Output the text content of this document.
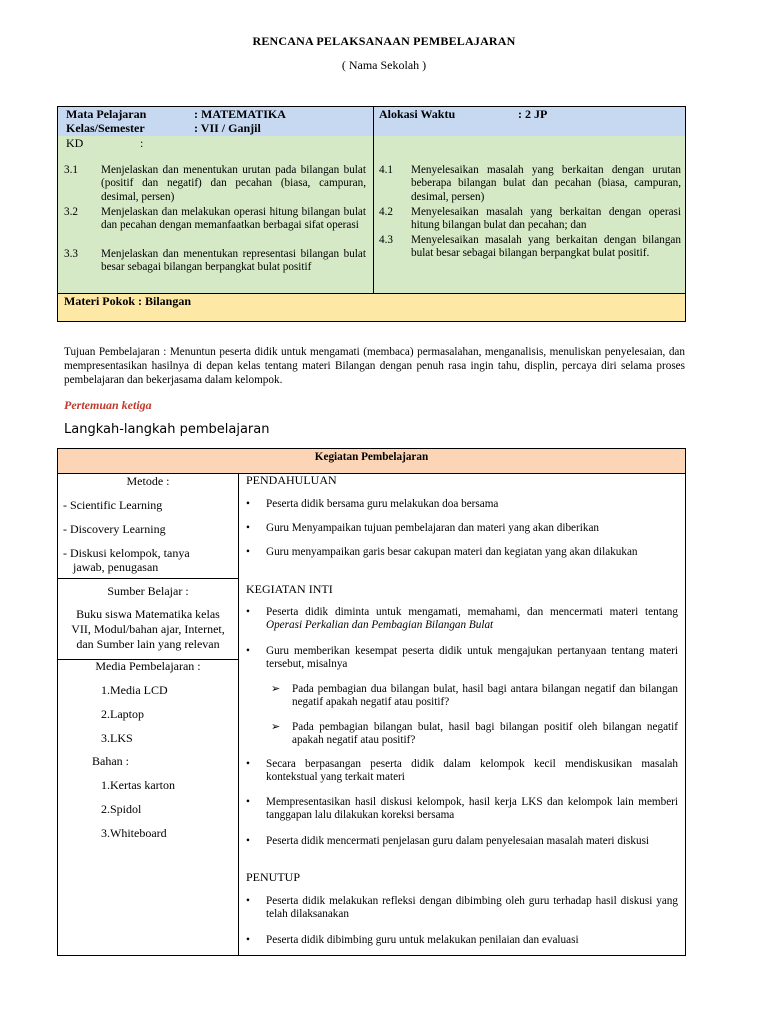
RENCANA PELAKSANAAN PEMBELAJARAN
( Nama Sekolah )
Mata Pelajaran	: MATEMATIKA
Kelas/Semester	: VII / Ganjil
Alokasi Waktu	: 2 JP
KD	:
3.1 Menjelaskan dan menentukan urutan pada bilangan bulat (positif dan negatif) dan pecahan (biasa, campuran, desimal, persen)
3.2 Menjelaskan dan melakukan operasi hitung bilangan bulat dan pecahan dengan memanfaatkan berbagai sifat operasi
3.3 Menjelaskan dan menentukan representasi bilangan bulat besar sebagai bilangan berpangkat bulat positif
4.1 Menyelesaikan masalah yang berkaitan dengan urutan beberapa bilangan bulat dan pecahan (biasa, campuran, desimal, persen)
4.2 Menyelesaikan masalah yang berkaitan dengan operasi hitung bilangan bulat dan pecahan; dan
4.3 Menyelesaikan masalah yang berkaitan dengan bilangan bulat besar sebagai bilangan berpangkat bulat positif.
Materi Pokok : Bilangan
Tujuan Pembelajaran : Menuntun peserta didik untuk mengamati (membaca) permasalahan, menganalisis, menuliskan penyelesaian, dan mempresentasikan hasilnya di depan kelas tentang materi Bilangan dengan penuh rasa ingin tahu, displin, percaya diri selama proses pembelajaran dan bekerjasama dalam kelompok.
Pertemuan ketiga
Langkah-langkah pembelajaran
Kegiatan Pembelajaran
Metode :
- Scientific Learning
- Discovery Learning
- Diskusi kelompok, tanya
jawab, penugasan
Sumber Belajar :
Buku siswa Matematika kelas
VII, Modul/bahan ajar, Internet,
dan Sumber lain yang relevan
Media Pembelajaran :
1.Media LCD
2.Laptop
3.LKS
Bahan :
1.Kertas karton
2.Spidol
3.Whiteboard
PENDAHULUAN
• Peserta didik bersama guru melakukan doa bersama
• Guru Menyampaikan tujuan pembelajaran dan materi yang akan diberikan
• Guru menyampaikan garis besar cakupan materi dan kegiatan yang akan dilakukan
KEGIATAN INTI
• Peserta didik diminta untuk mengamati, memahami, dan mencermati materi tentang Operasi Perkalian dan Pembagian Bilangan Bulat
• Guru memberikan kesempat peserta didik untuk mengajukan pertanyaan tentang materi tersebut, misalnya
➢ Pada pembagian dua bilangan bulat, hasil bagi antara bilangan negatif dan bilangan negatif apakah negatif atau positif?
➢ Pada pembagian bilangan bulat, hasil bagi bilangan positif oleh bilangan negatif apakah negatif atau positif?
• Secara berpasangan peserta didik dalam kelompok kecil mendiskusikan masalah kontekstual yang terkait materi
• Mempresentasikan hasil diskusi kelompok, hasil kerja LKS dan kelompok lain memberi tanggapan lalu dilakukan koreksi bersama
• Peserta didik mencermati penjelasan guru dalam penyelesaian masalah materi diskusi
PENUTUP
• Peserta didik melakukan refleksi dengan dibimbing oleh guru terhadap hasil diskusi yang telah dilaksanakan
• Peserta didik dibimbing guru untuk melakukan penilaian dan evaluasi
